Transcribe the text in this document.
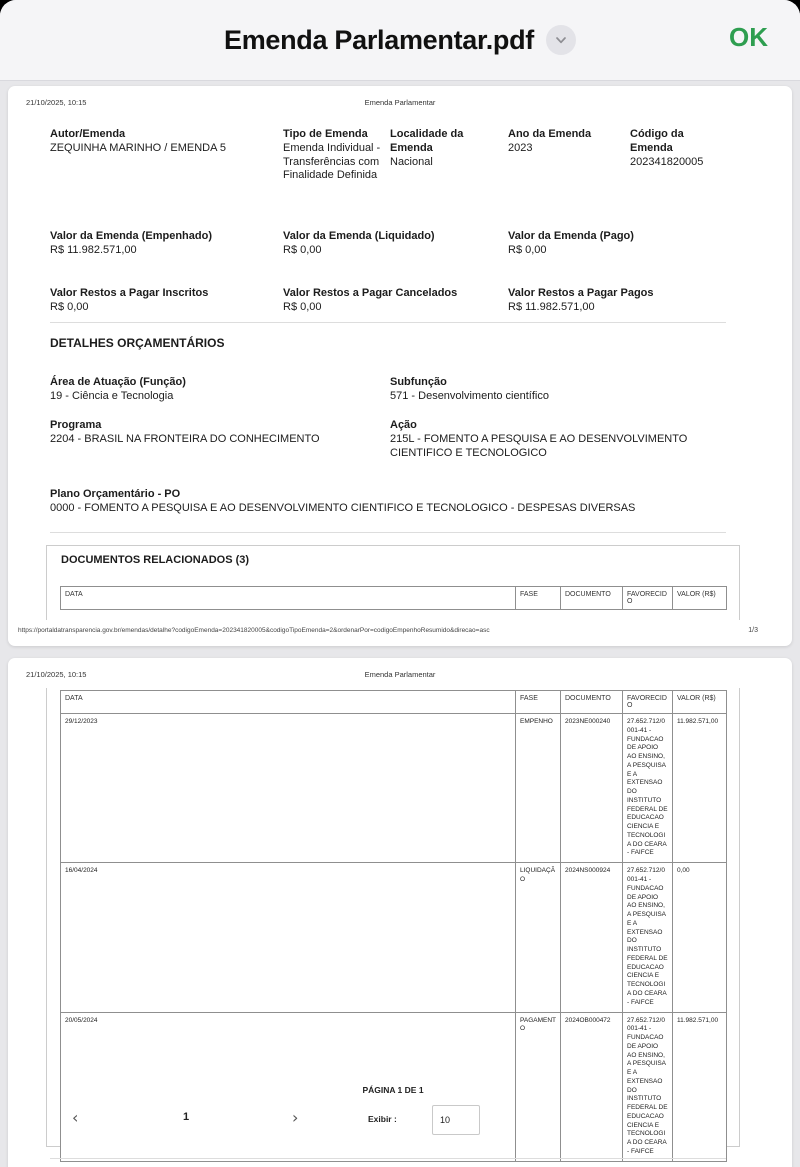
Emenda Parlamentar.pdf	OK
21/10/2025, 10:15	Emenda Parlamentar
Autor/Emenda
ZEQUINHA MARINHO / EMENDA 5
Tipo de Emenda
Emenda Individual - Transferências com Finalidade Definida
Localidade da Emenda
Nacional
Ano da Emenda
2023
Código da Emenda
202341820005
Valor da Emenda (Empenhado)
R$ 11.982.571,00
Valor da Emenda (Liquidado)
R$ 0,00
Valor da Emenda (Pago)
R$ 0,00
Valor Restos a Pagar Inscritos
R$ 0,00
Valor Restos a Pagar Cancelados
R$ 0,00
Valor Restos a Pagar Pagos
R$ 11.982.571,00
DETALHES ORÇAMENTÁRIOS
Área de Atuação (Função)
19 - Ciência e Tecnologia
Subfunção
571 - Desenvolvimento científico
Programa
2204 - BRASIL NA FRONTEIRA DO CONHECIMENTO
Ação
215L - FOMENTO A PESQUISA E AO DESENVOLVIMENTO CIENTIFICO E TECNOLOGICO
Plano Orçamentário - PO
0000 - FOMENTO A PESQUISA E AO DESENVOLVIMENTO CIENTIFICO E TECNOLOGICO - DESPESAS DIVERSAS
DOCUMENTOS RELACIONADOS (3)
DATA	FASE	DOCUMENTO	FAVORECIDO	VALOR (R$)
https://portaldatransparencia.gov.br/emendas/detalhe?codigoEmenda=202341820005&codigoTipoEmenda=2&ordenarPor=codigoEmpenhoResumido&direcao=asc	1/3
21/10/2025, 10:15	Emenda Parlamentar
DATA	FASE	DOCUMENTO	FAVORECIDO	VALOR (R$)
29/12/2023	EMPENHO	2023NE000240	27.652.712/0001-41 - FUNDACAO DE APOIO AO ENSINO, A PESQUISA E A EXTENSAO DO INSTITUTO FEDERAL DE EDUCACAO CIENCIA E TECNOLOGIA DO CEARA - FAIFCE	11.982.571,00
16/04/2024	LIQUIDAÇÃO	2024NS000924	27.652.712/0001-41 - FUNDACAO DE APOIO AO ENSINO, A PESQUISA E A EXTENSAO DO INSTITUTO FEDERAL DE EDUCACAO CIENCIA E TECNOLOGIA DO CEARA - FAIFCE	0,00
20/05/2024	PAGAMENTO	2024OB000472	27.652.712/0001-41 - FUNDACAO DE APOIO AO ENSINO, A PESQUISA E A EXTENSAO DO INSTITUTO FEDERAL DE EDUCACAO CIENCIA E TECNOLOGIA DO CEARA - FAIFCE	11.982.571,00
PÁGINA 1 DE 1
‹
1 ›	Exibir :
10
